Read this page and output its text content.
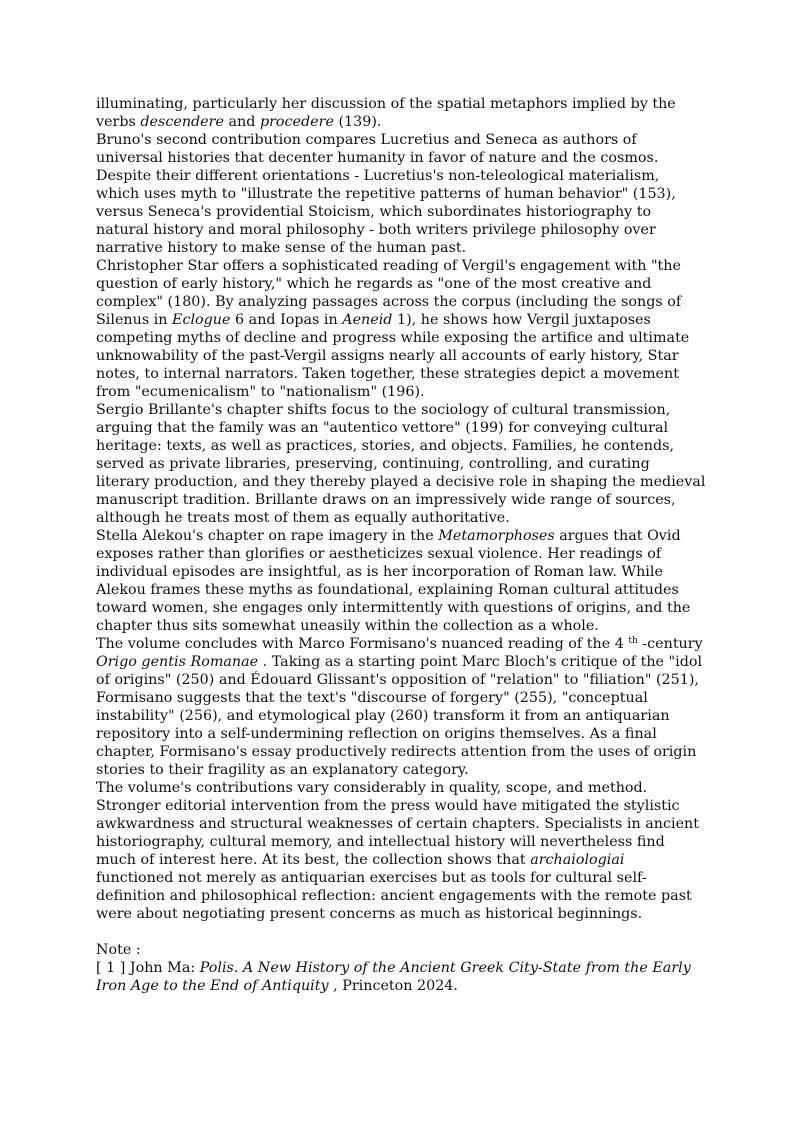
illuminating, particularly her discussion of the spatial metaphors implied by the verbs descendere and procedere (139).

Bruno's second contribution compares Lucretius and Seneca as authors of universal histories that decenter humanity in favor of nature and the cosmos. Despite their different orientations - Lucretius's non-teleological materialism, which uses myth to "illustrate the repetitive patterns of human behavior" (153), versus Seneca's providential Stoicism, which subordinates historiography to natural history and moral philosophy - both writers privilege philosophy over narrative history to make sense of the human past.

Christopher Star offers a sophisticated reading of Vergil's engagement with "the question of early history," which he regards as "one of the most creative and complex" (180). By analyzing passages across the corpus (including the songs of Silenus in Eclogue 6 and Iopas in Aeneid 1), he shows how Vergil juxtaposes competing myths of decline and progress while exposing the artifice and ultimate unknowability of the past-Vergil assigns nearly all accounts of early history, Star notes, to internal narrators. Taken together, these strategies depict a movement from "ecumenicalism" to "nationalism" (196).

Sergio Brillante's chapter shifts focus to the sociology of cultural transmission, arguing that the family was an "autentico vettore" (199) for conveying cultural heritage: texts, as well as practices, stories, and objects. Families, he contends, served as private libraries, preserving, continuing, controlling, and curating literary production, and they thereby played a decisive role in shaping the medieval manuscript tradition. Brillante draws on an impressively wide range of sources, although he treats most of them as equally authoritative.

Stella Alekou's chapter on rape imagery in the Metamorphoses argues that Ovid exposes rather than glorifies or aestheticizes sexual violence. Her readings of individual episodes are insightful, as is her incorporation of Roman law. While Alekou frames these myths as foundational, explaining Roman cultural attitudes toward women, she engages only intermittently with questions of origins, and the chapter thus sits somewhat uneasily within the collection as a whole.

The volume concludes with Marco Formisano's nuanced reading of the 4 $^{th}$ -century Origo gentis Romanae . Taking as a starting point Marc Bloch's critique of the "idol of origins" (250) and Édouard Glissant's opposition of "relation" to "filiation" (251), Formisano suggests that the text's "discourse of forgery" (255), "conceptual instability" (256), and etymological play (260) transform it from an antiquarian repository into a self-undermining reflection on origins themselves. As a final chapter, Formisano's essay productively redirects attention from the uses of origin stories to their fragility as an explanatory category.

The volume's contributions vary considerably in quality, scope, and method. Stronger editorial intervention from the press would have mitigated the stylistic awkwardness and structural weaknesses of certain chapters. Specialists in ancient historiography, cultural memory, and intellectual history will nevertheless find much of interest here. At its best, the collection shows that archaiologiai functioned not merely as antiquarian exercises but as tools for cultural self-definition and philosophical reflection: ancient engagements with the remote past were about negotiating present concerns as much as historical beginnings.

Note :

[ 1 ] John Ma: Polis. A New History of the Ancient Greek City-State from the Early Iron Age to the End of Antiquity , Princeton 2024.
